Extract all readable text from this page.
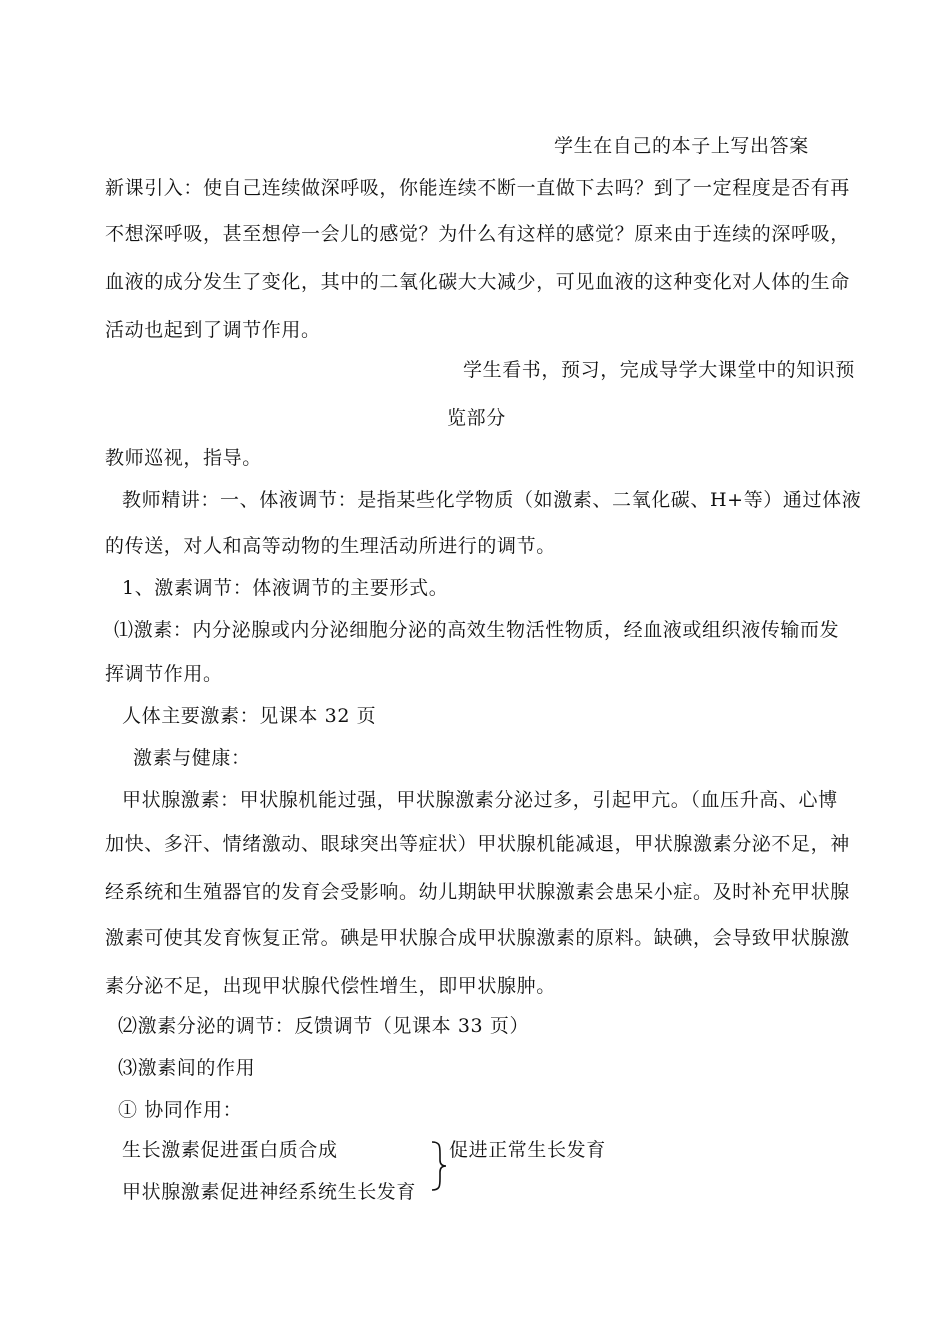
学生在自己的本子上写出答案
新课引入：使自己连续做深呼吸，你能连续不断一直做下去吗？到了一定程度是否有再
不想深呼吸，甚至想停一会儿的感觉？为什么有这样的感觉？原来由于连续的深呼吸，
血液的成分发生了变化，其中的二氧化碳大大减少，可见血液的这种变化对人体的生命
活动也起到了调节作用。
学生看书，预习，完成导学大课堂中的知识预
览部分
教师巡视，指导。
教师精讲：一、体液调节：是指某些化学物质（如激素、二氧化碳、H+等）通过体液
的传送，对人和高等动物的生理活动所进行的调节。
1、激素调节：体液调节的主要形式。
⑴激素：内分泌腺或内分泌细胞分泌的高效生物活性物质，经血液或组织液传输而发
挥调节作用。
人体主要激素：见课本 32 页
激素与健康：
甲状腺激素：甲状腺机能过强，甲状腺激素分泌过多，引起甲亢。（血压升高、心博
加快、多汗、情绪激动、眼球突出等症状）甲状腺机能减退，甲状腺激素分泌不足，神
经系统和生殖器官的发育会受影响。幼儿期缺甲状腺激素会患呆小症。及时补充甲状腺
激素可使其发育恢复正常。碘是甲状腺合成甲状腺激素的原料。缺碘，会导致甲状腺激
素分泌不足，出现甲状腺代偿性增生，即甲状腺肿。
⑵激素分泌的调节：反馈调节（见课本 33 页）
⑶激素间的作用
① 协同作用：
生长激素促进蛋白质合成
甲状腺激素促进神经系统生长发育
促进正常生长发育
